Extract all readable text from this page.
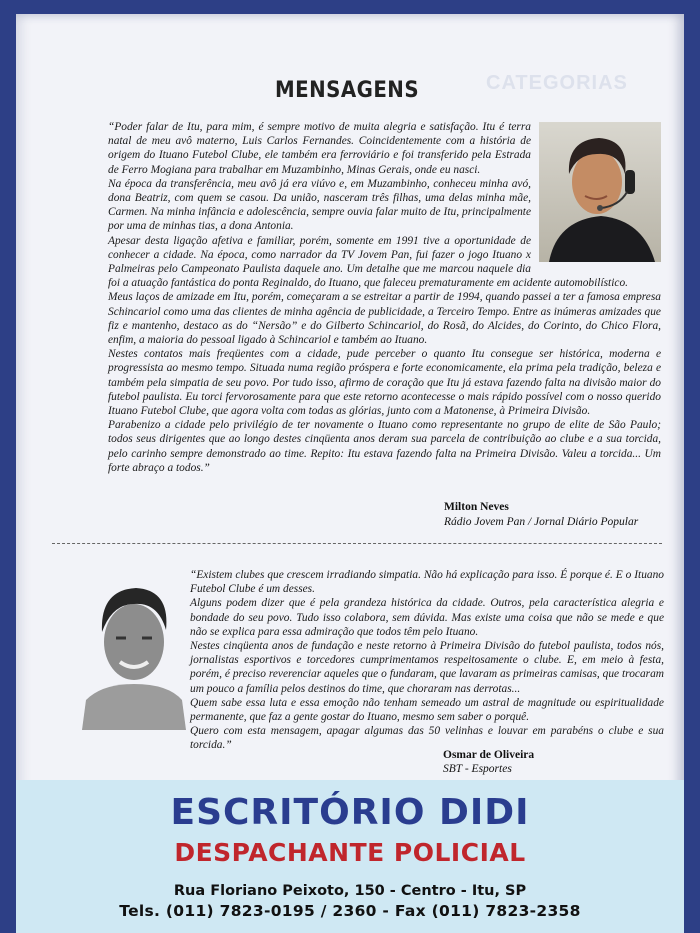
CATEGORIAS
MENSAGENS

“Poder falar de Itu, para mim, é sempre motivo de muita alegria e satisfação. Itu é terra natal de meu avô materno, Luis Carlos Fernandes. Coincidentemente com a história de origem do Ituano Futebol Clube, ele também era ferroviário e foi transferido pela Estrada de Ferro Mogiana para trabalhar em Muzambinho, Minas Gerais, onde eu nasci.

Na época da transferência, meu avô já era viúvo e, em Muzambinho, conheceu minha avó, dona Beatriz, com quem se casou. Da união, nasceram três filhas, uma delas minha mãe, Carmen. Na minha infância e adolescência, sempre ouvia falar muito de Itu, principalmente por uma de minhas tias, a dona Antonia.

Apesar desta ligação afetiva e familiar, porém, somente em 1991 tive a oportunidade de conhecer a cidade. Na época, como narrador da TV Jovem Pan, fui fazer o jogo Ituano x Palmeiras pelo Campeonato Paulista daquele ano. Um detalhe que me marcou naquele dia foi a atuação fantástica do ponta Reginaldo, do Ituano, que faleceu prematuramente em acidente automobilístico.

Meus laços de amizade em Itu, porém, começaram a se estreitar a partir de 1994, quando passei a ter a famosa empresa Schincariol como uma das clientes de minha agência de publicidade, a Terceiro Tempo. Entre as inúmeras amizades que fiz e mantenho, destaco as do “Nersão” e do Gilberto Schincariol, do Rosã, do Alcides, do Corinto, do Chico Flora, enfim, a maioria do pessoal ligado à Schincariol e também ao Ituano.

Nestes contatos mais freqüentes com a cidade, pude perceber o quanto Itu consegue ser histórica, moderna e progressista ao mesmo tempo. Situada numa região próspera e forte economicamente, ela prima pela tradição, beleza e também pela simpatia de seu povo. Por tudo isso, afirmo de coração que Itu já estava fazendo falta na divisão maior do futebol paulista. Eu torci fervorosamente para que este retorno acontecesse o mais rápido possível com o nosso querido Ituano Futebol Clube, que agora volta com todas as glórias, junto com a Matonense, à Primeira Divisão.

Parabenizo a cidade pelo privilégio de ter novamente o Ituano como representante no grupo de elite de São Paulo; todos seus dirigentes que ao longo destes cinqüenta anos deram sua parcela de contribuição ao clube e a sua torcida, pelo carinho sempre demonstrado ao time. Repito: Itu estava fazendo falta na Primeira Divisão. Valeu a torcida... Um forte abraço a todos.”

Milton Neves
Rádio Jovem Pan / Jornal Diário Popular

“Existem clubes que crescem irradiando simpatia. Não há explicação para isso. É porque é. E o Ituano Futebol Clube é um desses.

Alguns podem dizer que é pela grandeza histórica da cidade. Outros, pela característica alegria e bondade do seu povo. Tudo isso colabora, sem dúvida. Mas existe uma coisa que não se mede e que não se explica para essa admiração que todos têm pelo Ituano.

Nestes cinqüenta anos de fundação e neste retorno à Primeira Divisão do futebol paulista, todos nós, jornalistas esportivos e torcedores cumprimentamos respeitosamente o clube. E, em meio à festa, porém, é preciso reverenciar aqueles que o fundaram, que lavaram as primeiras camisas, que trocaram um pouco a família pelos destinos do time, que choraram nas derrotas...

Quem sabe essa luta e essa emoção não tenham semeado um astral de magnitude ou espiritualidade permanente, que faz a gente gostar do Ituano, mesmo sem saber o porquê.

Quero com esta mensagem, apagar algumas das 50 velinhas e louvar em parabéns o clube e sua torcida.”

Osmar de Oliveira
SBT - Esportes
ESCRITÓRIO DIDI
DESPACHANTE POLICIAL
Rua Floriano Peixoto, 150 - Centro - Itu, SP
Tels. (011) 7823-0195 / 2360 - Fax (011) 7823-2358
